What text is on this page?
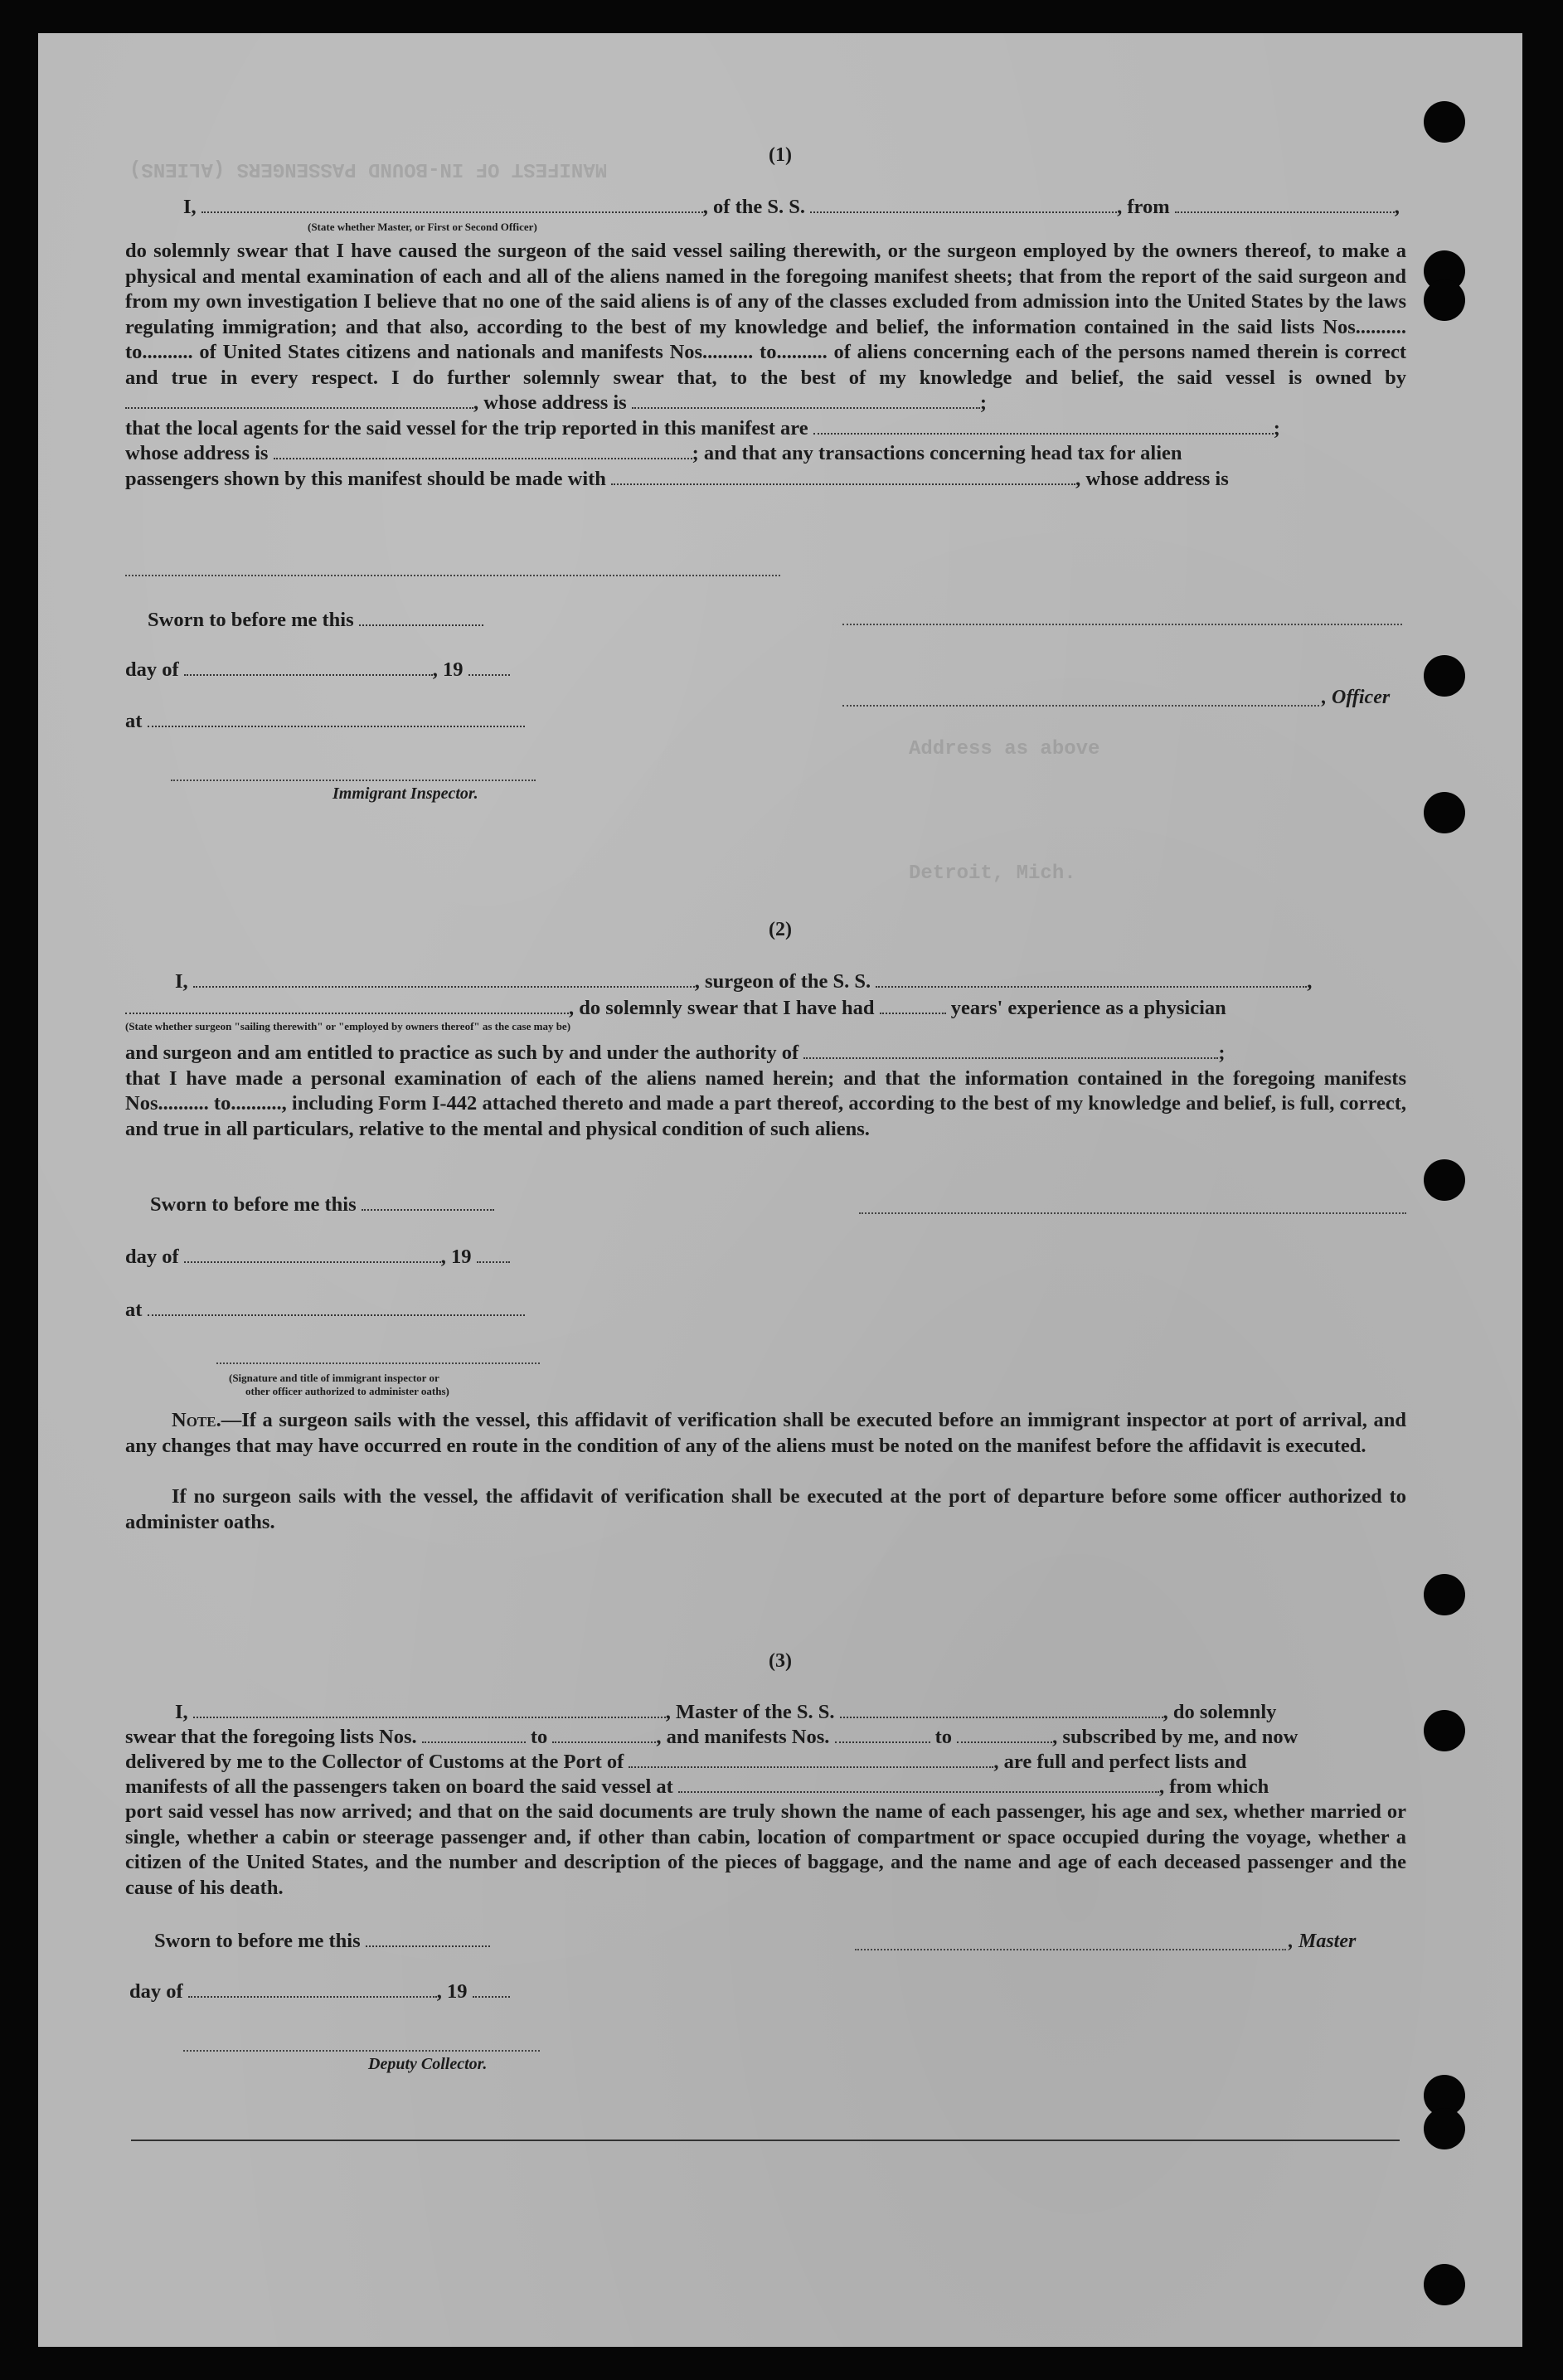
MANIFEST OF IN-BOUND PASSENGERS (ALIENS)
Address as above
Detroit, Mich.
(1)
I,	, of the S. S.	, from	,
(State whether Master, or First or Second Officer)
do solemnly swear that I have caused the surgeon of the said vessel sailing therewith, or the surgeon employed by the owners thereof, to make a physical and mental examination of each and all of the aliens named in the foregoing manifest sheets; that from the report of the said surgeon and from my own investigation I believe that no one of the said aliens is of any of the classes excluded from admission into the United States by the laws regulating immigration; and that also, according to the best of my knowledge and belief, the information contained in the said lists Nos.......... to.......... of United States citizens and nationals and manifests Nos.......... to.......... of aliens concerning each of the persons named therein is correct and true in every respect. I do further solemnly swear that, to the best of my knowledge and belief, the said vessel is owned by , whose address is	;
that the local agents for the said vessel for the trip reported in this manifest are	;
whose address is	; and that any transactions concerning head tax for alien
passengers shown by this manifest should be made with	, whose address is
Sworn to before me this
day of	, 19
, Officer
at
Immigrant Inspector.
(2)
I,	, surgeon of the S. S.	,
, do solemnly swear that I have had	years' experience as a physician
(State whether surgeon "sailing therewith" or "employed by owners thereof" as the case may be)
and surgeon and am entitled to practice as such by and under the authority of	;
that I have made a personal examination of each of the aliens named herein; and that the information contained in the foregoing manifests Nos.......... to.........., including Form I-442 attached thereto and made a part thereof, according to the best of my knowledge and belief, is full, correct, and true in all particulars, relative to the mental and physical condition of such aliens.
Sworn to before me this
day of	, 19
at
(Signature and title of immigrant inspector or
other officer authorized to administer oaths)
Note.—If a surgeon sails with the vessel, this affidavit of verification shall be executed before an immigrant inspector at port of arrival, and any changes that may have occurred en route in the condition of any of the aliens must be noted on the manifest before the affidavit is executed.
If no surgeon sails with the vessel, the affidavit of verification shall be executed at the port of departure before some officer authorized to administer oaths.
(3)
I,	, Master of the S. S.	, do solemnly
swear that the foregoing lists Nos.	to	, and manifests Nos.	to	, subscribed by me, and now
delivered by me to the Collector of Customs at the Port of	, are full and perfect lists and
manifests of all the passengers taken on board the said vessel at	, from which
port said vessel has now arrived; and that on the said documents are truly shown the name of each passenger, his age and sex, whether married or single, whether a cabin or steerage passenger and, if other than cabin, location of compartment or space occupied during the voyage, whether a citizen of the United States, and the number and description of the pieces of baggage, and the name and age of each deceased passenger and the cause of his death.
Sworn to before me this	, Master
day of	, 19
Deputy Collector.
